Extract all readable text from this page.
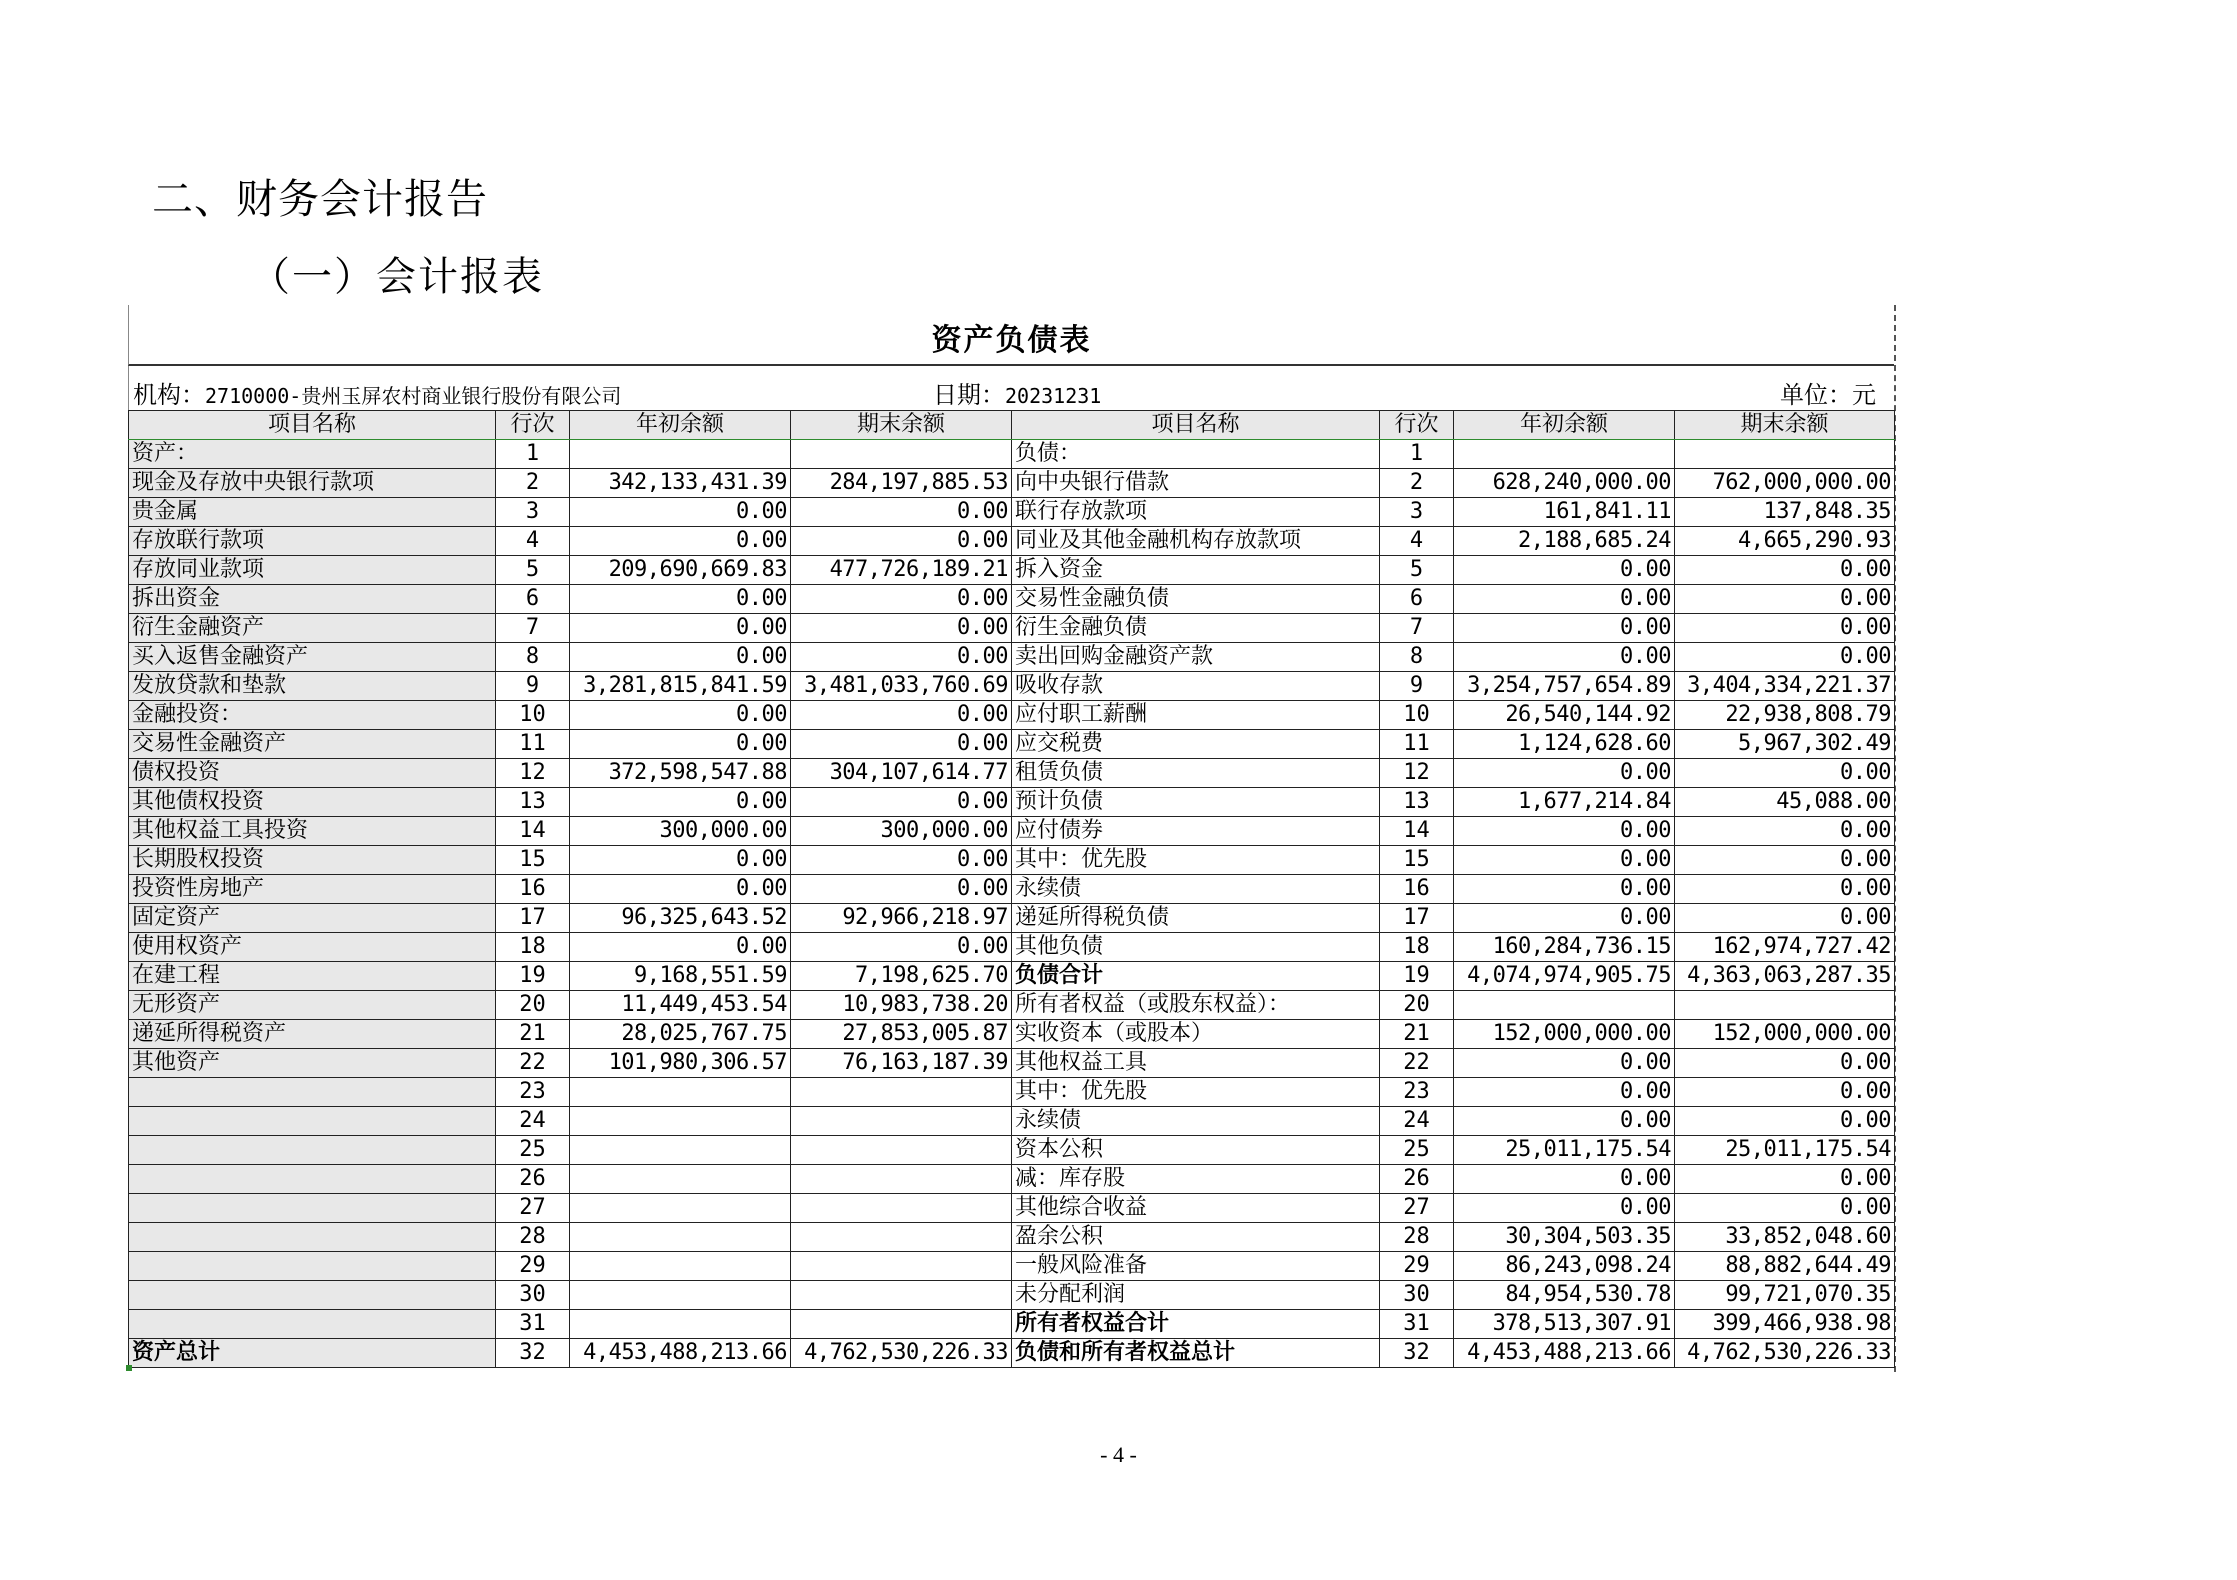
二、财务会计报告
（一）会计报表
资产负债表
机构：2710000-贵州玉屏农村商业银行股份有限公司	日期：20231231	单位：元
项目名称	行次	年初余额	期末余额	项目名称	行次	年初余额	期末余额
资产：	1			负债：	1		
现金及存放中央银行款项	2	342,133,431.39	284,197,885.53	向中央银行借款	2	628,240,000.00	762,000,000.00
贵金属	3	0.00	0.00	联行存放款项	3	161,841.11	137,848.35
存放联行款项	4	0.00	0.00	同业及其他金融机构存放款项	4	2,188,685.24	4,665,290.93
存放同业款项	5	209,690,669.83	477,726,189.21	拆入资金	5	0.00	0.00
拆出资金	6	0.00	0.00	交易性金融负债	6	0.00	0.00
衍生金融资产	7	0.00	0.00	衍生金融负债	7	0.00	0.00
买入返售金融资产	8	0.00	0.00	卖出回购金融资产款	8	0.00	0.00
发放贷款和垫款	9	3,281,815,841.59	3,481,033,760.69	吸收存款	9	3,254,757,654.89	3,404,334,221.37
金融投资：	10	0.00	0.00	应付职工薪酬	10	26,540,144.92	22,938,808.79
交易性金融资产	11	0.00	0.00	应交税费	11	1,124,628.60	5,967,302.49
债权投资	12	372,598,547.88	304,107,614.77	租赁负债	12	0.00	0.00
其他债权投资	13	0.00	0.00	预计负债	13	1,677,214.84	45,088.00
其他权益工具投资	14	300,000.00	300,000.00	应付债券	14	0.00	0.00
长期股权投资	15	0.00	0.00	其中：优先股	15	0.00	0.00
投资性房地产	16	0.00	0.00	永续债	16	0.00	0.00
固定资产	17	96,325,643.52	92,966,218.97	递延所得税负债	17	0.00	0.00
使用权资产	18	0.00	0.00	其他负债	18	160,284,736.15	162,974,727.42
在建工程	19	9,168,551.59	7,198,625.70	负债合计	19	4,074,974,905.75	4,363,063,287.35
无形资产	20	11,449,453.54	10,983,738.20	所有者权益（或股东权益）：	20		
递延所得税资产	21	28,025,767.75	27,853,005.87	实收资本（或股本）	21	152,000,000.00	152,000,000.00
其他资产	22	101,980,306.57	76,163,187.39	其他权益工具	22	0.00	0.00
	23			其中：优先股	23	0.00	0.00
	24			永续债	24	0.00	0.00
	25			资本公积	25	25,011,175.54	25,011,175.54
	26			减：库存股	26	0.00	0.00
	27			其他综合收益	27	0.00	0.00
	28			盈余公积	28	30,304,503.35	33,852,048.60
	29			一般风险准备	29	86,243,098.24	88,882,644.49
	30			未分配利润	30	84,954,530.78	99,721,070.35
	31			所有者权益合计	31	378,513,307.91	399,466,938.98
资产总计	32	4,453,488,213.66	4,762,530,226.33	负债和所有者权益总计	32	4,453,488,213.66	4,762,530,226.33
- 4 -
